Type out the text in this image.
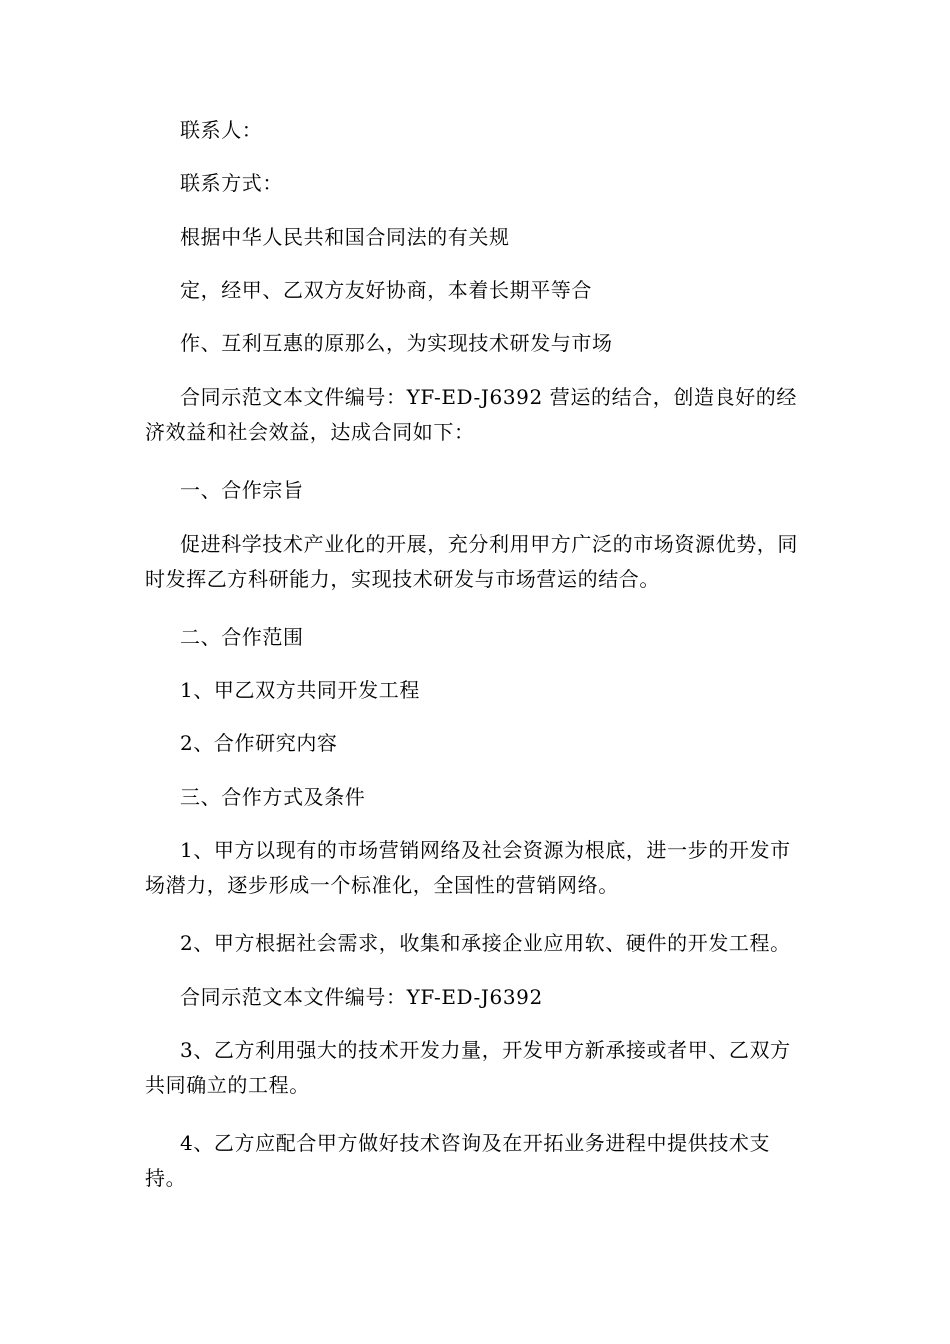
联系人：

联系方式：

根据中华人民共和国合同法的有关规

定，经甲、乙双方友好协商，本着长期平等合

作、互利互惠的原那么，为实现技术研发与市场

合同示范文本文件编号：YF-ED-J6392 营运的结合，创造良好的经济效益和社会效益，达成合同如下：

一、合作宗旨

促进科学技术产业化的开展，充分利用甲方广泛的市场资源优势，同时发挥乙方科研能力，实现技术研发与市场营运的结合。

二、合作范围

1、甲乙双方共同开发工程

2、合作研究内容

三、合作方式及条件

1、甲方以现有的市场营销网络及社会资源为根底，进一步的开发市场潜力，逐步形成一个标准化，全国性的营销网络。

2、甲方根据社会需求，收集和承接企业应用软、硬件的开发工程。

合同示范文本文件编号：YF-ED-J6392

3、乙方利用强大的技术开发力量，开发甲方新承接或者甲、乙双方共同确立的工程。

4、乙方应配合甲方做好技术咨询及在开拓业务进程中提供技术支持。
